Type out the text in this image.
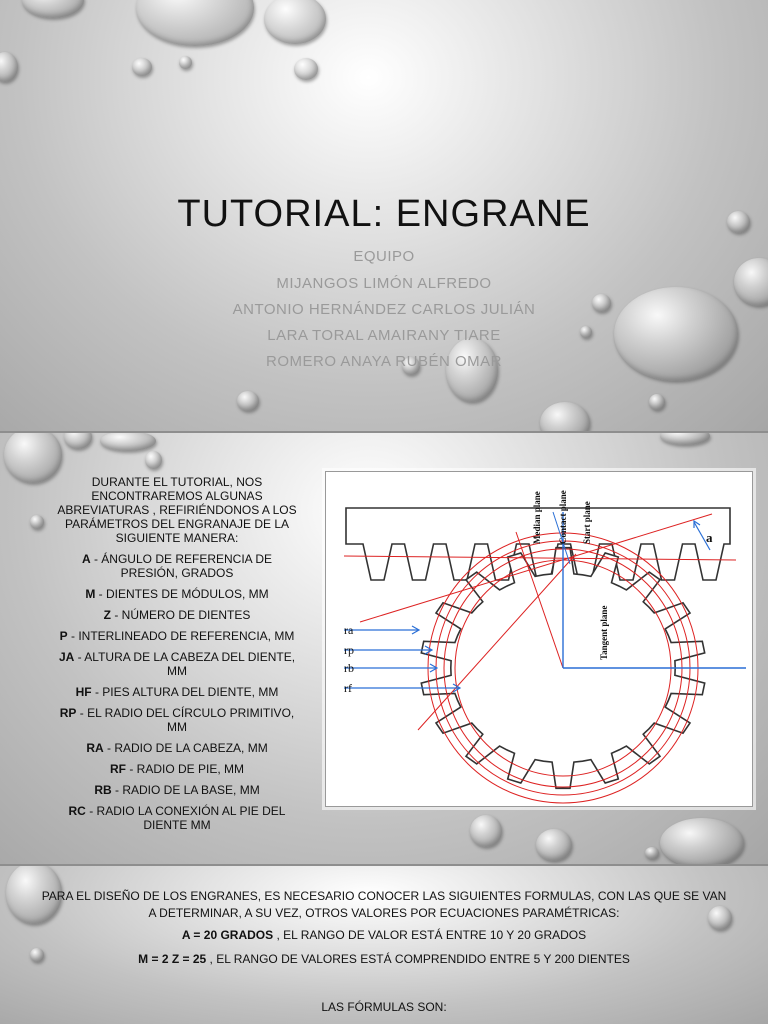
TUTORIAL: ENGRANE
EQUIPO
MIJANGOS LIMÓN ALFREDO
ANTONIO HERNÁNDEZ CARLOS JULIÁN
LARA TORAL AMAIRANY TIARE
ROMERO ANAYA RUBÉN OMAR

DURANTE EL TUTORIAL, NOS ENCONTRAREMOS ALGUNAS ABREVIATURAS , REFIRIÉNDONOS A LOS PARÁMETROS DEL ENGRANAJE DE LA SIGUIENTE MANERA:

A - ÁNGULO DE REFERENCIA DE PRESIÓN, GRADOS

M - DIENTES DE MÓDULOS, MM

Z - NÚMERO DE DIENTES

P - INTERLINEADO DE REFERENCIA, MM

JA - ALTURA DE LA CABEZA DEL DIENTE, MM

HF - PIES ALTURA DEL DIENTE, MM

RP - EL RADIO DEL CÍRCULO PRIMITIVO, MM

RA - RADIO DE LA CABEZA, MM

RF - RADIO DE PIE, MM

RB - RADIO DE LA BASE, MM

RC - RADIO LA CONEXIÓN AL PIE DEL DIENTE MM

ra
rp
rb
rf
a
Median plane Contact plane Start plane
Tangent plane
PARA EL DISEÑO DE LOS ENGRANES, ES NECESARIO CONOCER LAS SIGUIENTES FORMULAS, CON LAS QUE SE VAN A DETERMINAR, A SU VEZ, OTROS VALORES POR ECUACIONES PARAMÉTRICAS:
A = 20 GRADOS , EL RANGO DE VALOR ESTÁ ENTRE 10 Y 20 GRADOS
M = 2 Z = 25 , EL RANGO DE VALORES ESTÁ COMPRENDIDO ENTRE 5 Y 200 DIENTES
LAS FÓRMULAS SON:
